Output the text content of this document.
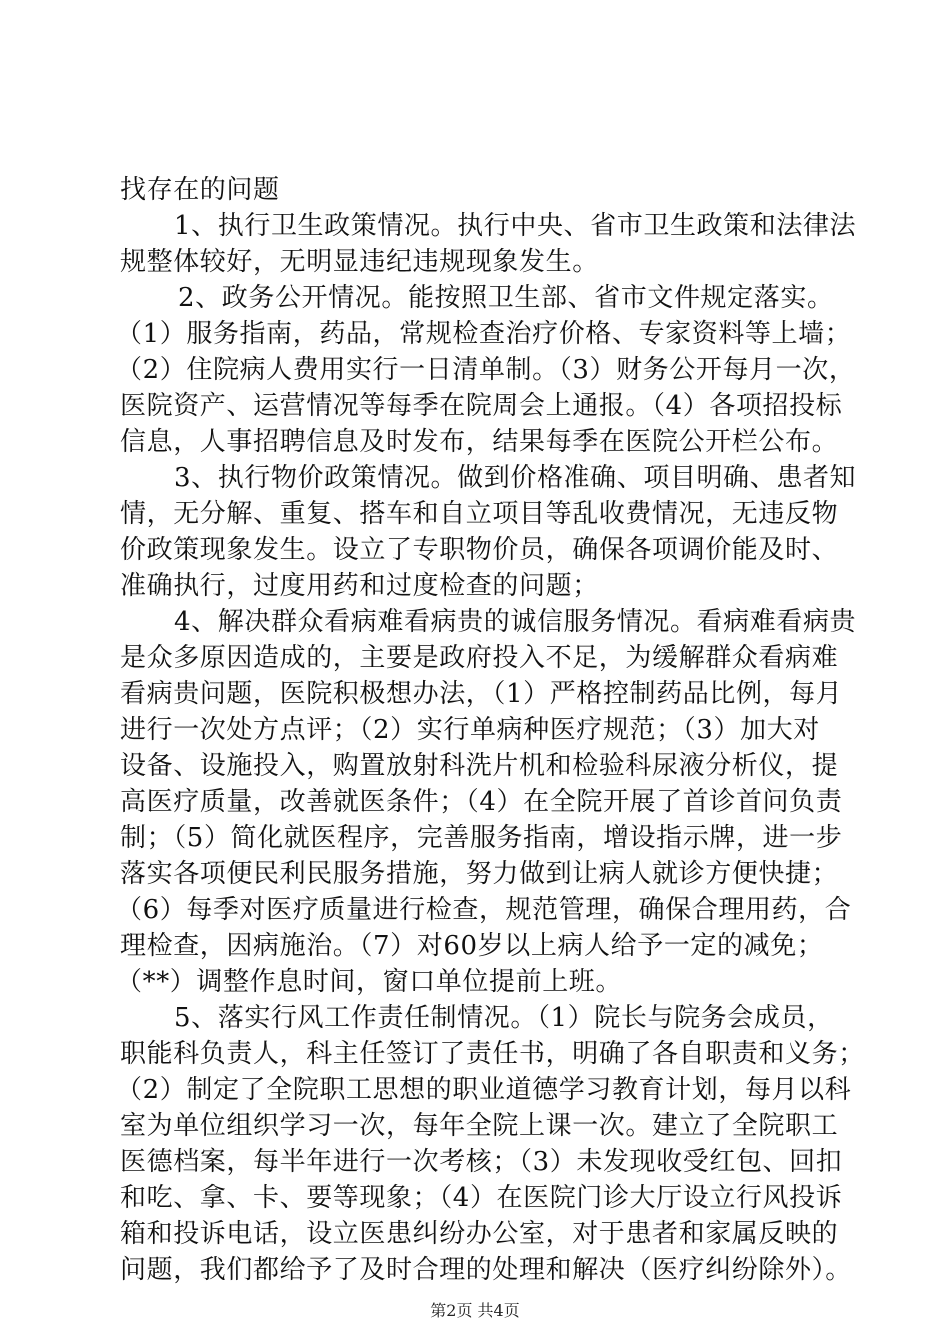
找存在的问题
1、执行卫生政策情况。执行中央、省市卫生政策和法律法
规整体较好，无明显违纪违规现象发生。
2、政务公开情况。能按照卫生部、省市文件规定落实。
（1）服务指南，药品，常规检查治疗价格、专家资料等上墙；
（2）住院病人费用实行一日清单制。（3）财务公开每月一次，
医院资产、运营情况等每季在院周会上通报。（4）各项招投标
信息，人事招聘信息及时发布，结果每季在医院公开栏公布。
3、执行物价政策情况。做到价格准确、项目明确、患者知
情，无分解、重复、搭车和自立项目等乱收费情况，无违反物
价政策现象发生。设立了专职物价员，确保各项调价能及时、
准确执行，过度用药和过度检查的问题；
4、解决群众看病难看病贵的诚信服务情况。看病难看病贵
是众多原因造成的，主要是政府投入不足，为缓解群众看病难
看病贵问题，医院积极想办法，（1）严格控制药品比例，每月
进行一次处方点评；（2）实行单病种医疗规范；（3）加大对
设备、设施投入，购置放射科洗片机和检验科尿液分析仪，提
高医疗质量，改善就医条件；（4）在全院开展了首诊首问负责
制；（5）简化就医程序，完善服务指南，增设指示牌，进一步
落实各项便民利民服务措施，努力做到让病人就诊方便快捷；
（6）每季对医疗质量进行检查，规范管理，确保合理用药，合
理检查，因病施治。（7）对60岁以上病人给予一定的减免；
（**）调整作息时间，窗口单位提前上班。
5、落实行风工作责任制情况。（1）院长与院务会成员，
职能科负责人，科主任签订了责任书，明确了各自职责和义务；
（2）制定了全院职工思想的职业道德学习教育计划，每月以科
室为单位组织学习一次，每年全院上课一次。建立了全院职工
医德档案，每半年进行一次考核；（3）未发现收受红包、回扣
和吃、拿、卡、要等现象；（4）在医院门诊大厅设立行风投诉
箱和投诉电话，设立医患纠纷办公室，对于患者和家属反映的
问题，我们都给予了及时合理的处理和解决（医疗纠纷除外）。
第2页 共4页
